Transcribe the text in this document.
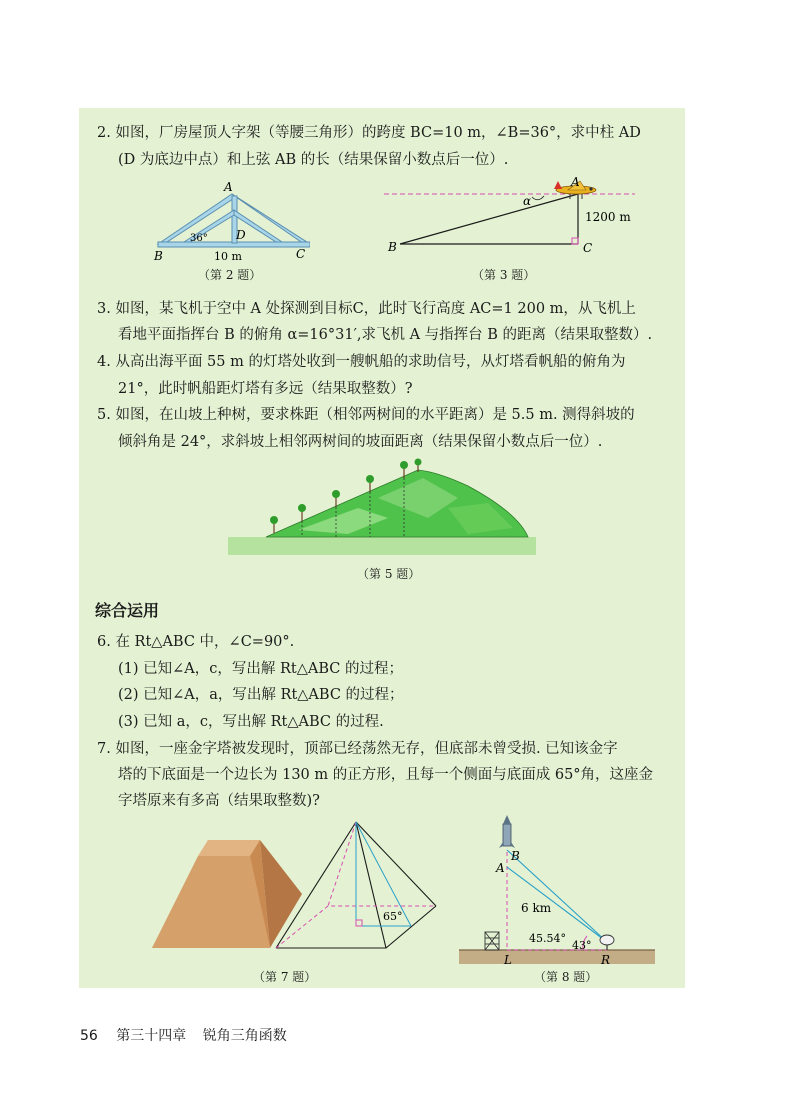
2. 如图，厂房屋顶人字架（等腰三角形）的跨度 BC=10 m，∠B=36°，求中柱 AD
(D 为底边中点）和上弦 AB 的长（结果保留小数点后一位）.
A
B	C
D
36°
10 m
（第 2 题）
A
B	C
α
1200 m
（第 3 题）
3. 如图，某飞机于空中 A 处探测到目标C，此时飞行高度 AC=1 200 m，从飞机上
看地平面指挥台 B 的俯角 α=16°31′,求飞机 A 与指挥台 B 的距离（结果取整数）.
4. 从高出海平面 55 m 的灯塔处收到一艘帆船的求助信号，从灯塔看帆船的俯角为
21°，此时帆船距灯塔有多远（结果取整数）?
5. 如图，在山坡上种树，要求株距（相邻两树间的水平距离）是 5.5 m. 测得斜坡的
倾斜角是 24°，求斜坡上相邻两树间的坡面距离（结果保留小数点后一位）.
（第 5 题）
综合运用
6. 在 Rt△ABC 中，∠C=90°.
(1) 已知∠A，c，写出解 Rt△ABC 的过程；
(2) 已知∠A，a，写出解 Rt△ABC 的过程；
(3) 已知 a，c，写出解 Rt△ABC 的过程.
7. 如图，一座金字塔被发现时，顶部已经荡然无存，但底部未曾受损. 已知该金字
塔的下底面是一个边长为 130 m 的正方形，且每一个侧面与底面成 65°角，这座金
字塔原来有多高（结果取整数)?
65°
（第 7 题）
B
A
6 km
45.54°
43°
L	R
（第 8 题）
56 第三十四章 锐角三角函数
